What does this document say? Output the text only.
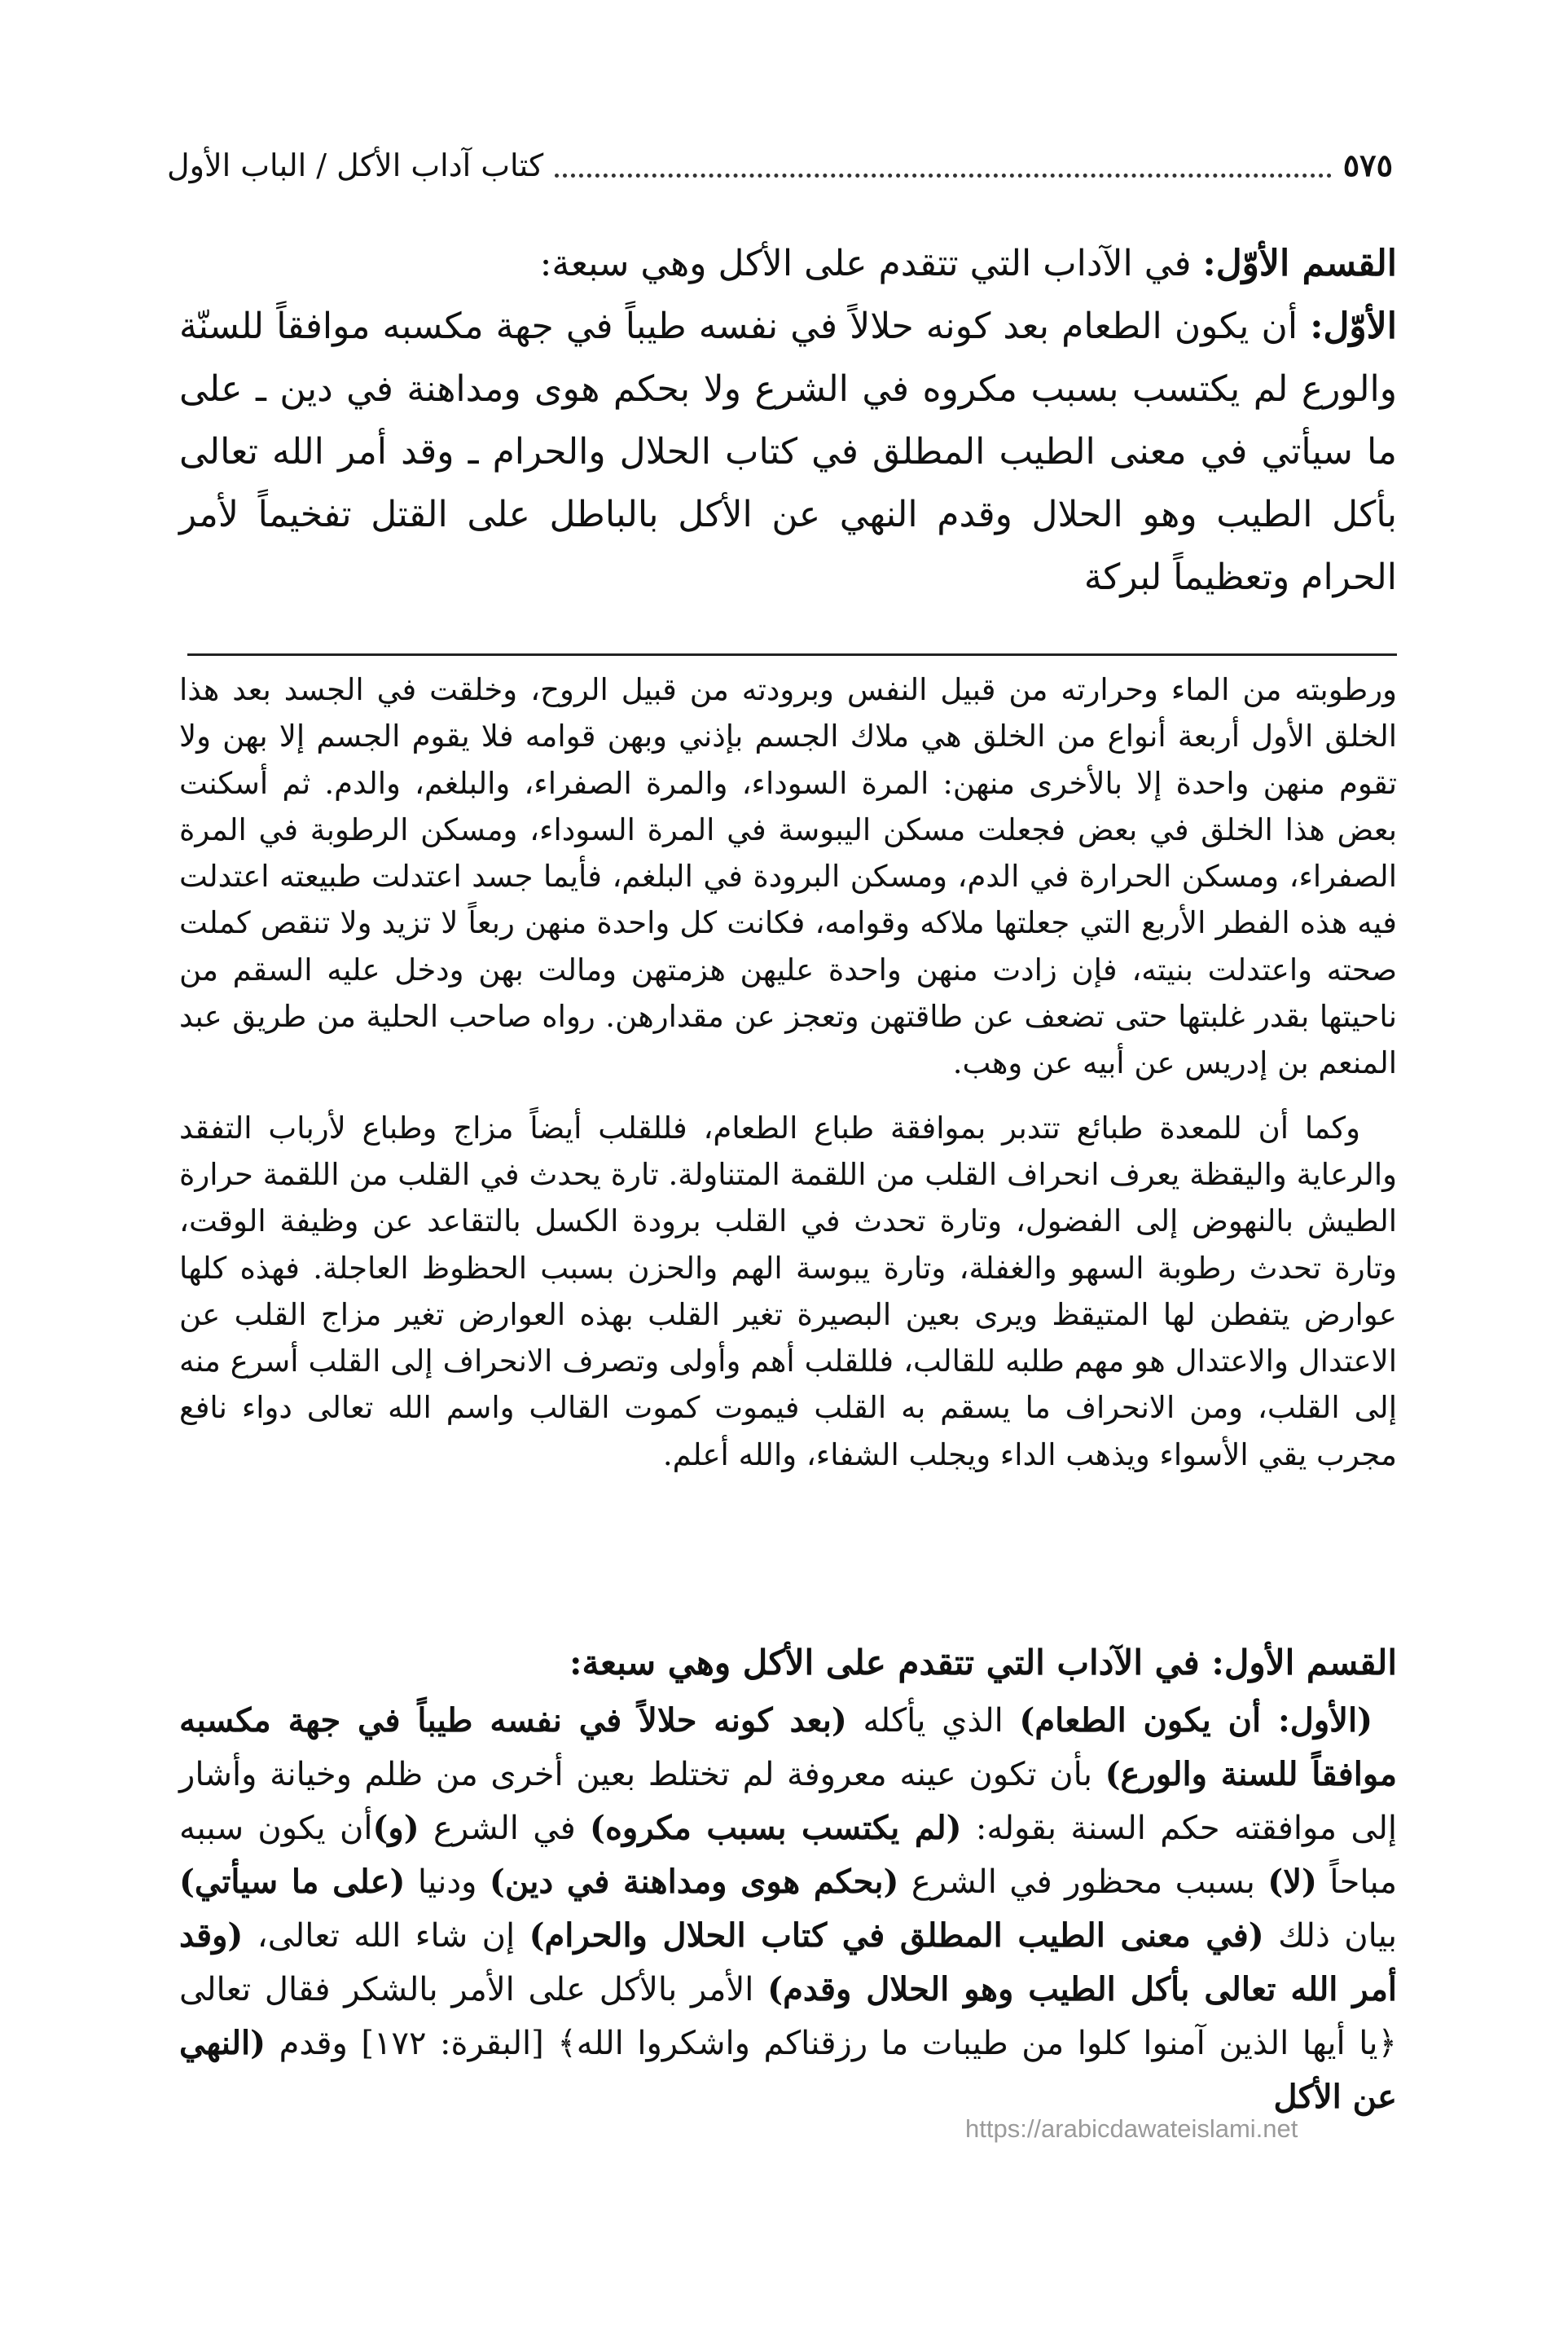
كتاب آداب الأكل / الباب الأول	٥٧٥

القسم الأوّل: في الآداب التي تتقدم على الأكل وهي سبعة:

الأوّل: أن يكون الطعام بعد كونه حلالاً في نفسه طيباً في جهة مكسبه موافقاً للسنّة والورع لم يكتسب بسبب مكروه في الشرع ولا بحكم هوى ومداهنة في دين ـ على ما سيأتي في معنى الطيب المطلق في كتاب الحلال والحرام ـ وقد أمر الله تعالى بأكل الطيب وهو الحلال وقدم النهي عن الأكل بالباطل على القتل تفخيماً لأمر الحرام وتعظيماً لبركة

ورطوبته من الماء وحرارته من قبيل النفس وبرودته من قبيل الروح، وخلقت في الجسد بعد هذا الخلق الأول أربعة أنواع من الخلق هي ملاك الجسم بإذني وبهن قوامه فلا يقوم الجسم إلا بهن ولا تقوم منهن واحدة إلا بالأخرى منهن: المرة السوداء، والمرة الصفراء، والبلغم، والدم. ثم أسكنت بعض هذا الخلق في بعض فجعلت مسكن اليبوسة في المرة السوداء، ومسكن الرطوبة في المرة الصفراء، ومسكن الحرارة في الدم، ومسكن البرودة في البلغم، فأيما جسد اعتدلت طبيعته اعتدلت فيه هذه الفطر الأربع التي جعلتها ملاكه وقوامه، فكانت كل واحدة منهن ربعاً لا تزيد ولا تنقص كملت صحته واعتدلت بنيته، فإن زادت منهن واحدة عليهن هزمتهن ومالت بهن ودخل عليه السقم من ناحيتها بقدر غلبتها حتى تضعف عن طاقتهن وتعجز عن مقدارهن. رواه صاحب الحلية من طريق عبد المنعم بن إدريس عن أبيه عن وهب.

وكما أن للمعدة طبائع تتدبر بموافقة طباع الطعام، فللقلب أيضاً مزاج وطباع لأرباب التفقد والرعاية واليقظة يعرف انحراف القلب من اللقمة المتناولة. تارة يحدث في القلب من اللقمة حرارة الطيش بالنهوض إلى الفضول، وتارة تحدث في القلب برودة الكسل بالتقاعد عن وظيفة الوقت، وتارة تحدث رطوبة السهو والغفلة، وتارة يبوسة الهم والحزن بسبب الحظوظ العاجلة. فهذه كلها عوارض يتفطن لها المتيقظ ويرى بعين البصيرة تغير القلب بهذه العوارض تغير مزاج القلب عن الاعتدال والاعتدال هو مهم طلبه للقالب، فللقلب أهم وأولى وتصرف الانحراف إلى القلب أسرع منه إلى القلب، ومن الانحراف ما يسقم به القلب فيموت كموت القالب واسم الله تعالى دواء نافع مجرب يقي الأسواء ويذهب الداء ويجلب الشفاء، والله أعلم.

القسم الأول: في الآداب التي تتقدم على الأكل وهي سبعة:

(الأول: أن يكون الطعام) الذي يأكله (بعد كونه حلالاً في نفسه طيباً في جهة مكسبه موافقاً للسنة والورع) بأن تكون عينه معروفة لم تختلط بعين أخرى من ظلم وخيانة وأشار إلى موافقته حكم السنة بقوله: (لم يكتسب بسبب مكروه) في الشرع (و)أن يكون سببه مباحاً (لا) بسبب محظور في الشرع (بحكم هوى ومداهنة في دين) ودنيا (على ما سيأتي) بيان ذلك (في معنى الطيب المطلق في كتاب الحلال والحرام) إن شاء الله تعالى، (وقد أمر الله تعالى بأكل الطيب وهو الحلال وقدم) الأمر بالأكل على الأمر بالشكر فقال تعالى ﴿يا أيها الذين آمنوا كلوا من طيبات ما رزقناكم واشكروا الله﴾ [البقرة: ١٧٢] وقدم (النهي عن الأكل

https://arabicdawateislami.net
